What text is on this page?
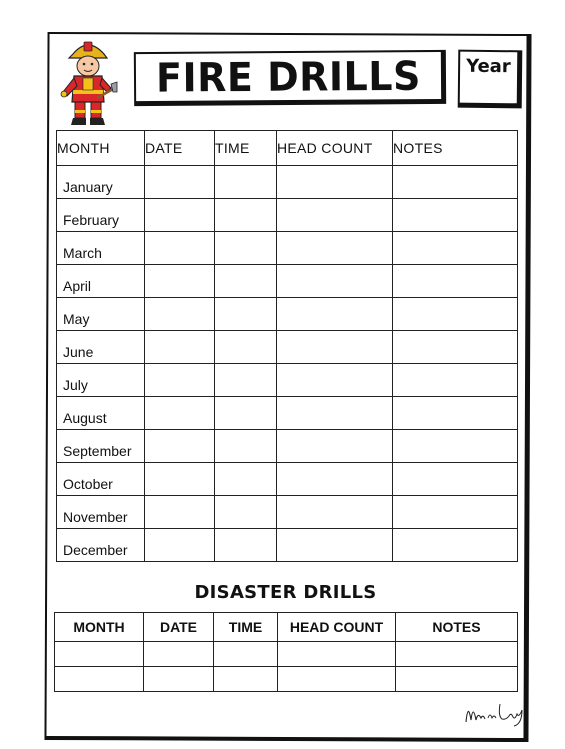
FIRE DRILLS Year
MONTH	DATE	TIME	HEAD COUNT	NOTES
January				
February				
March				
April				
May				
June				
July				
August				
September				
October				
November				
December				
DISASTER DRILLS
MONTH	DATE	TIME	HEAD COUNT	NOTES
